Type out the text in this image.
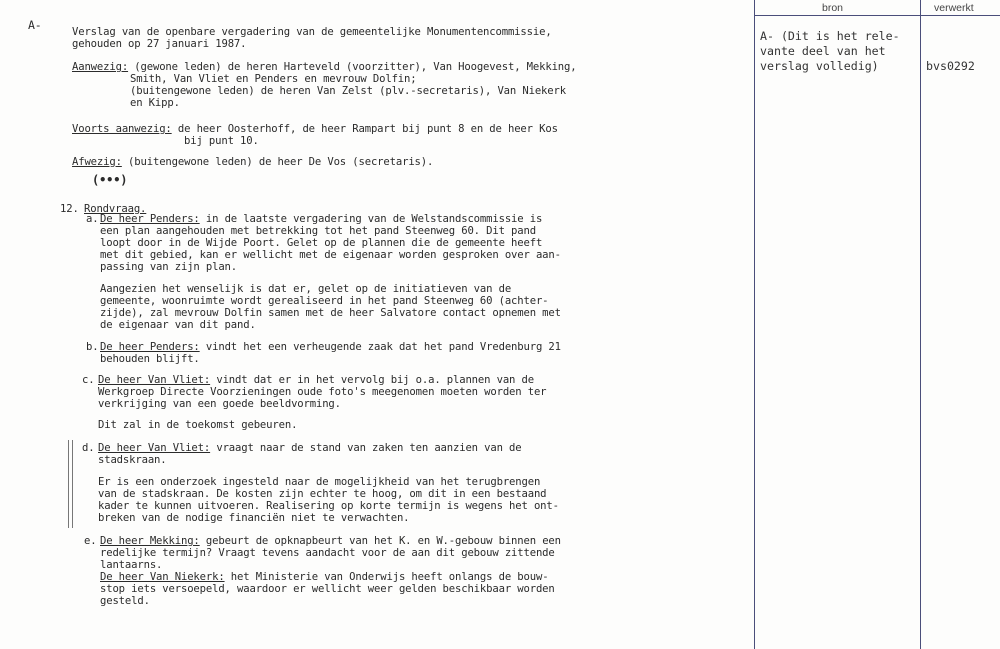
bron	verwerkt
A- (Dit is het rele-
vante deel van het
verslag volledig)	bvs0292
A-	Verslag van de openbare vergadering van de gemeentelijke Monumentencommissie,
gehouden op 27 januari 1987.
Aanwezig: (gewone leden) de heren Harteveld (voorzitter), Van Hoogevest, Mekking,
Smith, Van Vliet en Penders en mevrouw Dolfin;
(buitengewone leden) de heren Van Zelst (plv.-secretaris), Van Niekerk
en Kipp.
Voorts aanwezig: de heer Oosterhoff, de heer Rampart bij punt 8 en de heer Kos
bij punt 10.
Afwezig: (buitengewone leden) de heer De Vos (secretaris).
(•••)
12. Rondvraag.
a. De heer Penders: in de laatste vergadering van de Welstandscommissie is
een plan aangehouden met betrekking tot het pand Steenweg 60. Dit pand
loopt door in de Wijde Poort. Gelet op de plannen die de gemeente heeft
met dit gebied, kan er wellicht met de eigenaar worden gesproken over aan-
passing van zijn plan.
Aangezien het wenselijk is dat er, gelet op de initiatieven van de
gemeente, woonruimte wordt gerealiseerd in het pand Steenweg 60 (achter-
zijde), zal mevrouw Dolfin samen met de heer Salvatore contact opnemen met
de eigenaar van dit pand.
b. De heer Penders: vindt het een verheugende zaak dat het pand Vredenburg 21
behouden blijft.
c. De heer Van Vliet: vindt dat er in het vervolg bij o.a. plannen van de
Werkgroep Directe Voorzieningen oude foto's meegenomen moeten worden ter
verkrijging van een goede beeldvorming.
Dit zal in de toekomst gebeuren.
d. De heer Van Vliet: vraagt naar de stand van zaken ten aanzien van de
stadskraan.
Er is een onderzoek ingesteld naar de mogelijkheid van het terugbrengen
van de stadskraan. De kosten zijn echter te hoog, om dit in een bestaand
kader te kunnen uitvoeren. Realisering op korte termijn is wegens het ont-
breken van de nodige financiën niet te verwachten.
e. De heer Mekking: gebeurt de opknapbeurt van het K. en W.-gebouw binnen een
redelijke termijn? Vraagt tevens aandacht voor de aan dit gebouw zittende
lantaarns.
De heer Van Niekerk: het Ministerie van Onderwijs heeft onlangs de bouw-
stop iets versoepeld, waardoor er wellicht weer gelden beschikbaar worden
gesteld.
